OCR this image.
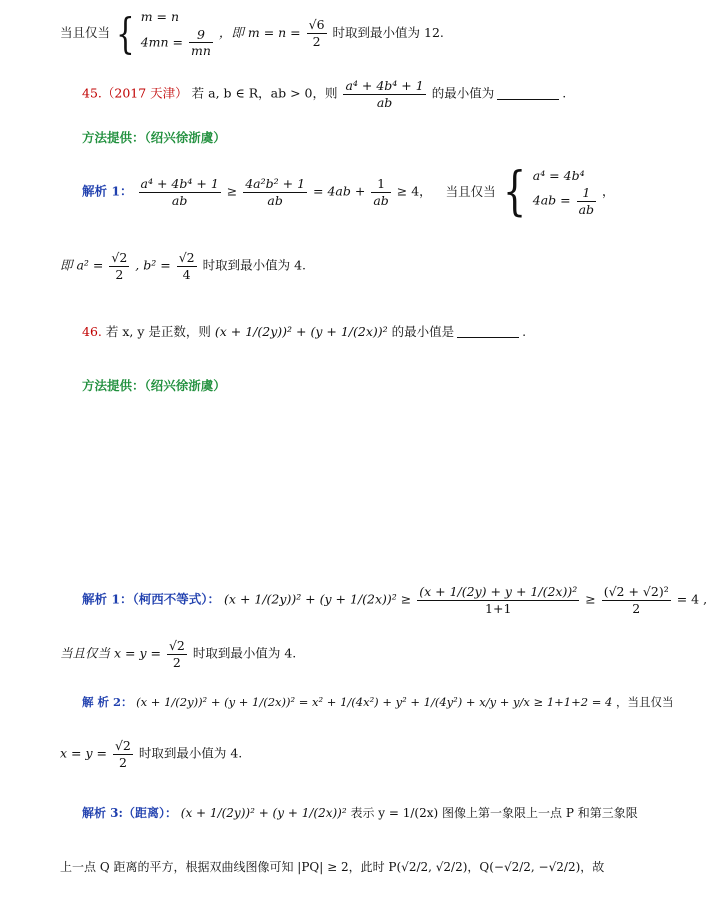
当且仅当 { m = n
$4mn = \frac{9}{mn}$ ，即 $m = n = \frac{√6}{2}$ 时取到最小值为 12.
45.（2017 天津） 若 a, b ∈ R，ab > 0，则 $\frac{\text{a⁴ + 4b⁴ + 1}}{ab}$ 的最小值为	.
方法提供：（绍兴徐浙虞）
解析 1： $\frac{\text{a⁴ + 4b⁴ + 1}}{ab} \ge \frac{\text{4a²b² + 1}}{ab} = 4ab + \frac{1}{ab} \ge 4$， 当且仅当 { a⁴ = 4b⁴
$4ab = \frac{1}{ab}$ ，
即 $a^2 = \frac{√2}{2}$ , $b^2 = \frac{√2}{4}$ 时取到最小值为 4.
46. 若 x, y 是正数，则 (x + 1/(2y))² + (y + 1/(2x))² 的最小值是	.
方法提供：（绍兴徐浙虞）
解析 1：（柯西不等式）： $(x + 1/(2y))^2 + (y + 1/(2x))^2 \ge \frac{\text{(x + 1/(2y) + y + 1/(2x))²}}{1+1} \ge \frac{\text{(√2 + √2)²}}{2} = 4$ ,
当且仅当 $x = y = \frac{√2}{2}$ 时取到最小值为 4.
解 析 2： (x + 1/(2y))² + (y + 1/(2x))² = x² + 1/(4x²) + y² + 1/(4y²) + x/y + y/x ≥ 1+1+2 = 4 ，当且仅当
$x = y = \frac{√2}{2}$ 时取到最小值为 4.
解析 3:（距离）： (x + 1/(2y))² + (y + 1/(2x))² 表示 y = 1/(2x) 图像上第一象限上一点 P 和第三象限
上一点 Q 距离的平方，根据双曲线图像可知 |PQ| ≥ 2，此时 P(√2/2, √2/2)，Q(−√2/2, −√2/2)，故
